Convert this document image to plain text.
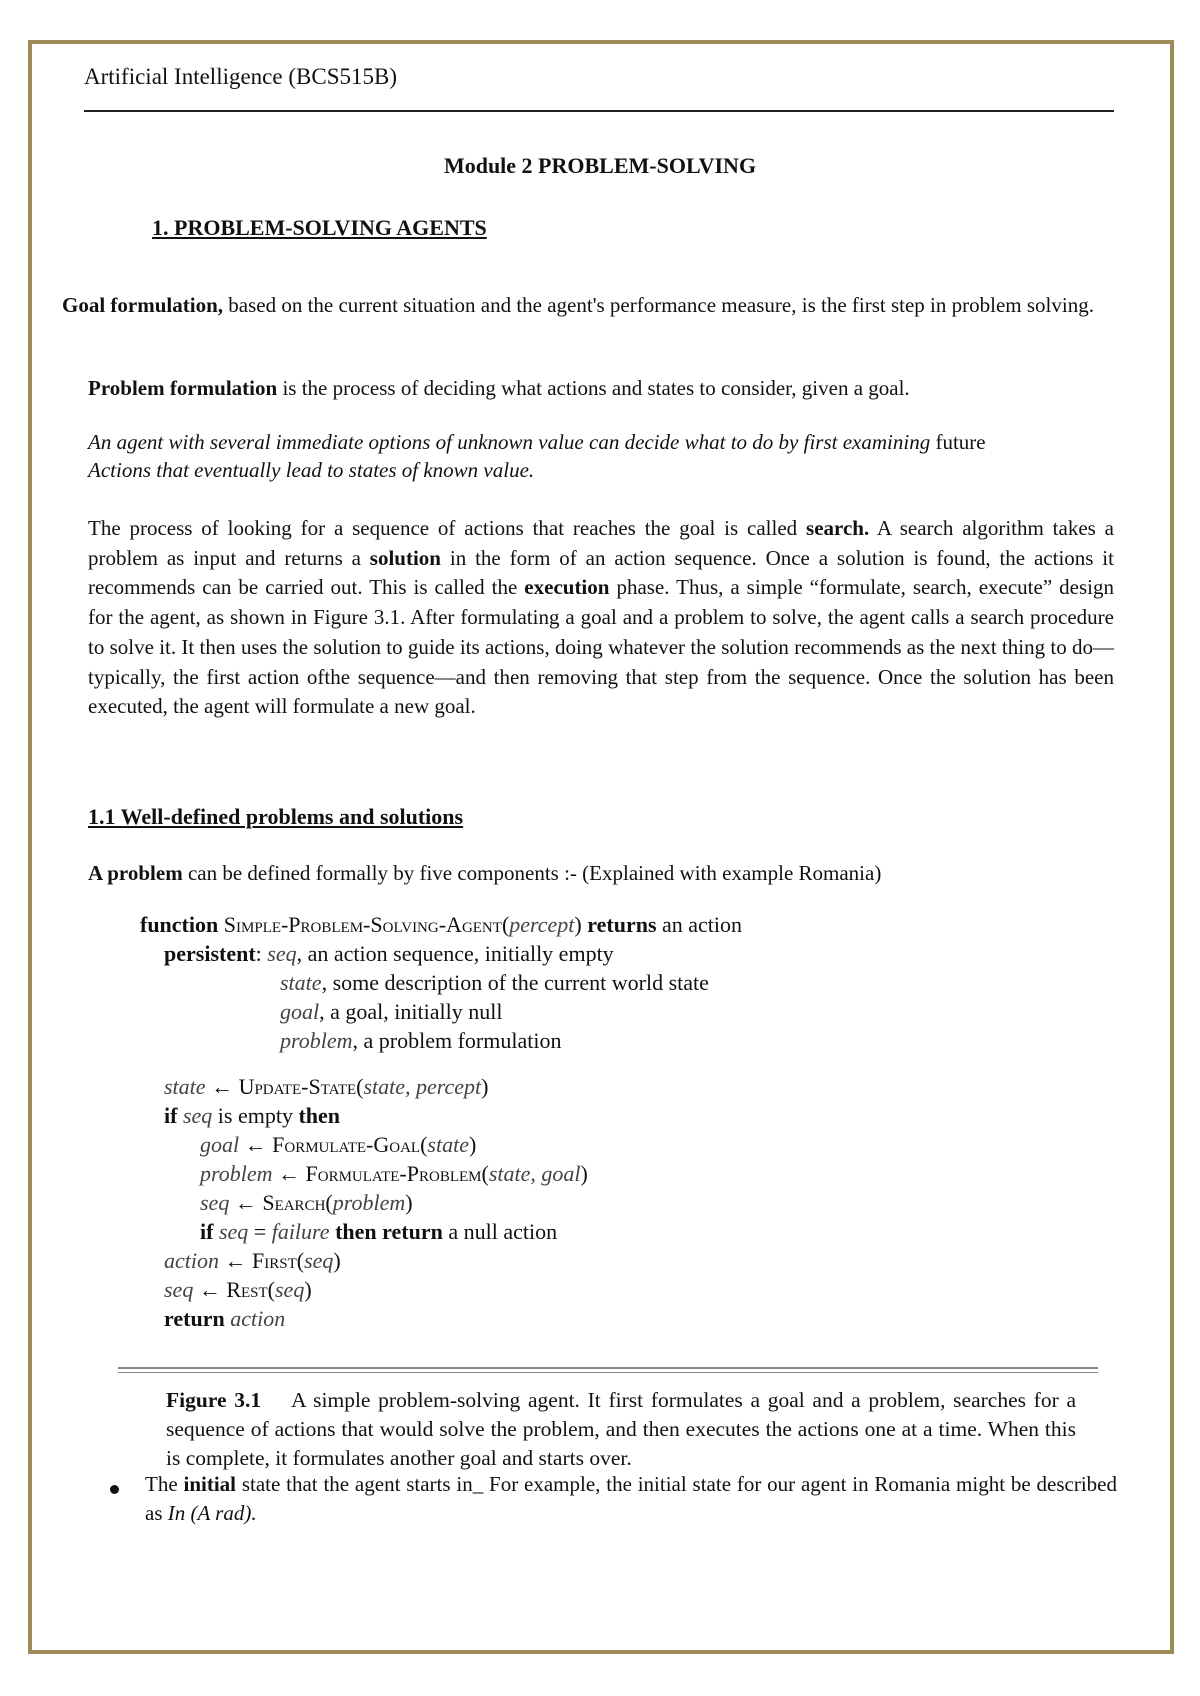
Artificial Intelligence (BCS515B)
Module 2 PROBLEM-SOLVING
1. PROBLEM-SOLVING AGENTS
Goal formulation, based on the current situation and the agent's performance measure, is the first step in problem solving.
Problem formulation is the process of deciding what actions and states to consider, given a goal.
An agent with several immediate options of unknown value can decide what to do by first examining future
Actions that eventually lead to states of known value.
The process of looking for a sequence of actions that reaches the goal is called search. A search algorithm takes a problem as input and returns a solution in the form of an action sequence. Once a solution is found, the actions it recommends can be carried out. This is called the execution phase. Thus, a simple “formulate, search, execute” design for the agent, as shown in Figure 3.1. After formulating a goal and a problem to solve, the agent calls a search procedure to solve it. It then uses the solution to guide its actions, doing whatever the solution recommends as the next thing to do—typically, the first action ofthe sequence—and then removing that step from the sequence. Once the solution has been executed, the agent will formulate a new goal.
1.1 Well-defined problems and solutions
A problem can be defined formally by five components :- (Explained with example Romania)
function Simple-Problem-Solving-Agent(percept) returns an action
persistent: seq, an action sequence, initially empty
state, some description of the current world state
goal, a goal, initially null
problem, a problem formulation
state ← Update-State(state, percept)
if seq is empty then
goal ← Formulate-Goal(state)
problem ← Formulate-Problem(state, goal)
seq ← Search(problem)
if seq = failure then return a null action
action ← First(seq)
seq ← Rest(seq)
return action
Figure 3.1 A simple problem-solving agent. It first formulates a goal and a problem, searches for a sequence of actions that would solve the problem, and then executes the actions one at a time. When this is complete, it formulates another goal and starts over.
The initial state that the agent starts in_ For example, the initial state for our agent in Romania might be described as In (A rad).
